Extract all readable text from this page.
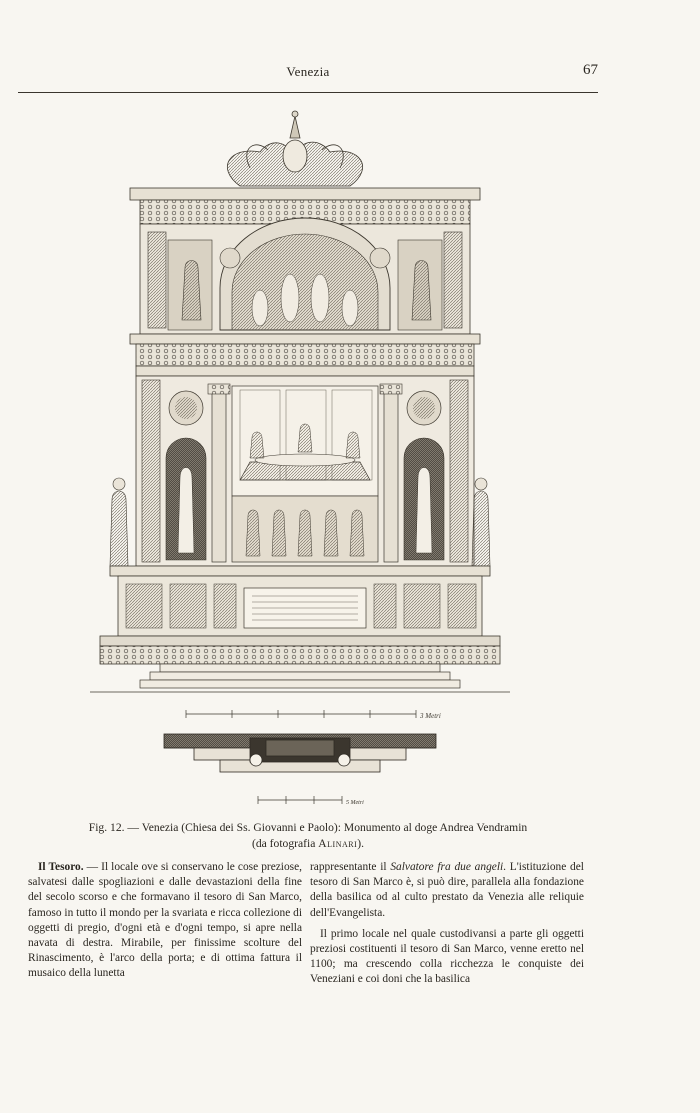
Venezia	67
3 Metri
5 Metri
Fig. 12. — Venezia (Chiesa dei Ss. Giovanni e Paolo): Monumento al doge Andrea Vendramin
(da fotografia Alinari).

Il Tesoro. — Il locale ove si conservano le cose preziose, salvatesi dalle spogliazioni e dalle devastazioni della fine del secolo scorso e che formavano il tesoro di San Marco, famoso in tutto il mondo per la svariata e ricca collezione di oggetti di pregio, d'ogni età e d'ogni tempo, si apre nella navata di destra. Mirabile, per finissime scolture del Rinascimento, è l'arco della porta; e di ottima fattura il musaico della lunetta

rappresentante il Salvatore fra due angeli. L'istituzione del tesoro di San Marco è, si può dire, parallela alla fondazione della basilica od al culto prestato da Venezia alle reliquie dell'Evangelista.

Il primo locale nel quale custodivansi a parte gli oggetti preziosi costituenti il tesoro di San Marco, venne eretto nel 1100; ma crescendo colla ricchezza le conquiste dei Veneziani e coi doni che la basilica
